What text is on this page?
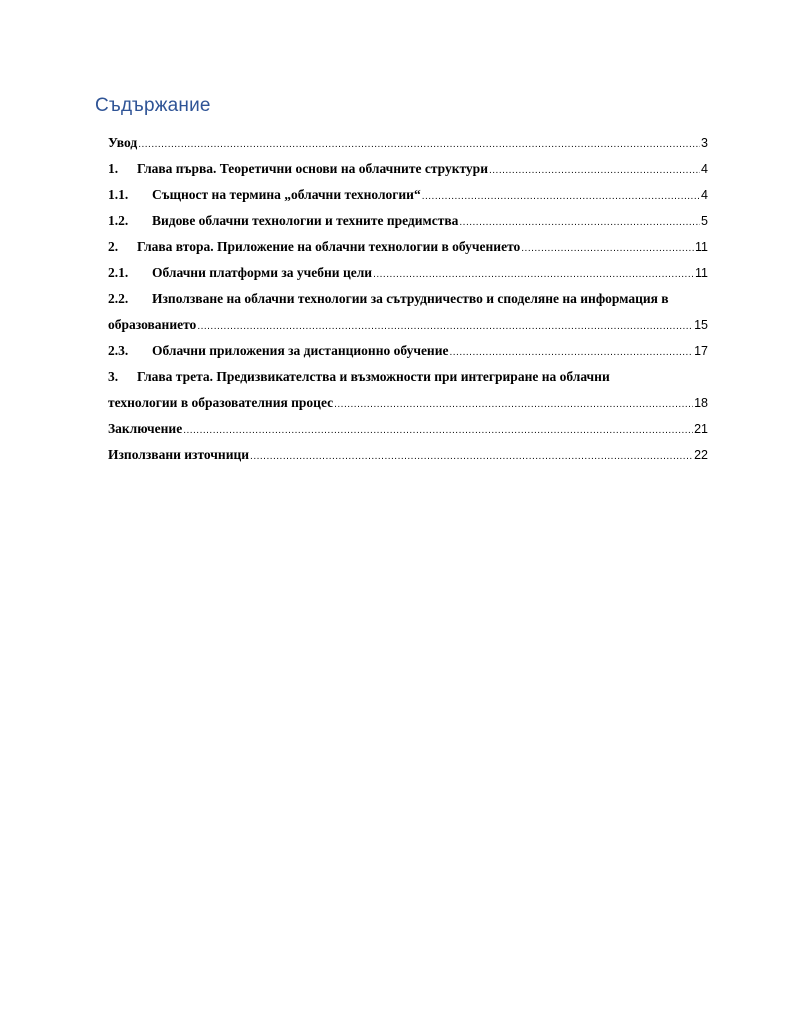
Съдържание
Увод .....	3
1.	Глава първа. Теоретични основи на облачните структури .....	4
1.1.	Същност на термина „облачни технологии“ .....	4
1.2.	Видове облачни технологии и техните предимства .....	5
2.	Глава втора. Приложение на облачни технологии в обучението .....	11
2.1.	Облачни платформи за учебни цели .....	11
2.2.	Използване на облачни технологии за сътрудничество и споделяне на информация в
образованието .....	15
2.3.	Облачни приложения за дистанционно обучение .....	17
3.	Глава трета. Предизвикателства и възможности при интегриране на облачни
технологии в образователния процес .....	18
Заключение .....	21
Използвани източници .....	22
